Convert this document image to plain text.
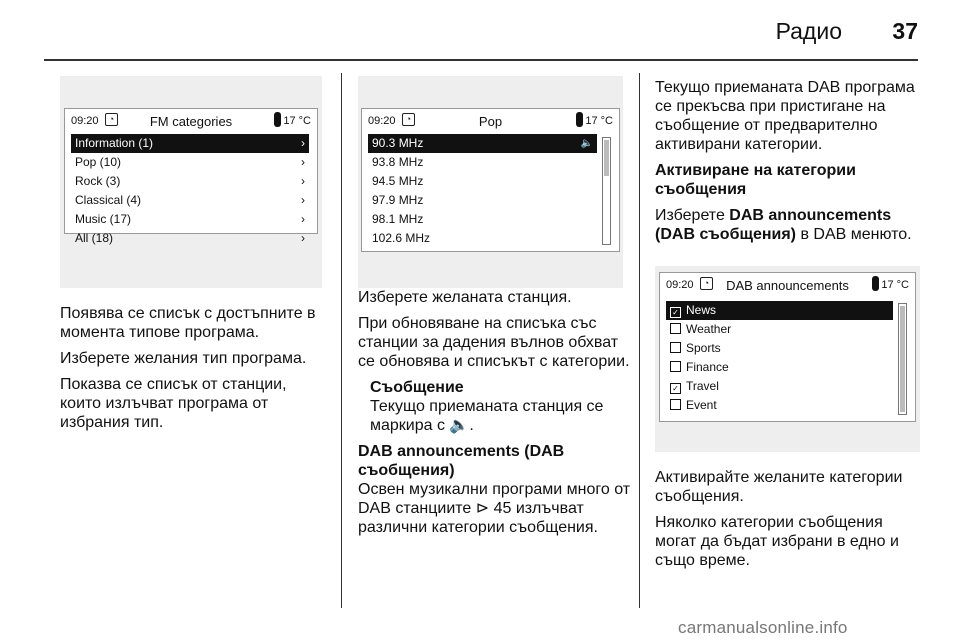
Радио 37
09:20	◔	FM categories	17 °C
Information (1)	›
Pop (10)	›
Rock (3)	›
Classical (4)	›
Music (17)	›
All (18)	›

Появява се списък с достъпните в момента типове програма.

Изберете желания тип програма.

Показва се списък от станции, които излъчват програма от избрания тип.

09:20	◔	Pop	17 °C
90.3 MHz	🔈
93.8 MHz
94.5 MHz
97.9 MHz
98.1 MHz
102.6 MHz

Изберете желаната станция.

При обновяване на списъка със станции за дадения вълнов обхват се обновява и списъкът с категории.

Съобщение
Текущо приеманата станция се маркира с 🔈.
DAB announcements (DAB съобщения)

Освен музикални програми много от DAB станциите ⊳ 45 излъчват различни категории съобщения.

Текущо приеманата DAB програма се прекъсва при пристигане на съобщение от предварително активирани категории.

Активиране на категории съобщения

Изберете DAB announcements (DAB съобщения) в DAB менюто.

09:20	◔	DAB announcements	17 °C
✓ News
Weather
Sports
Finance
✓ Travel
Event

Активирайте желаните категории съобщения.

Няколко категории съобщения могат да бъдат избрани в едно и също време.

carmanualsonline.info
